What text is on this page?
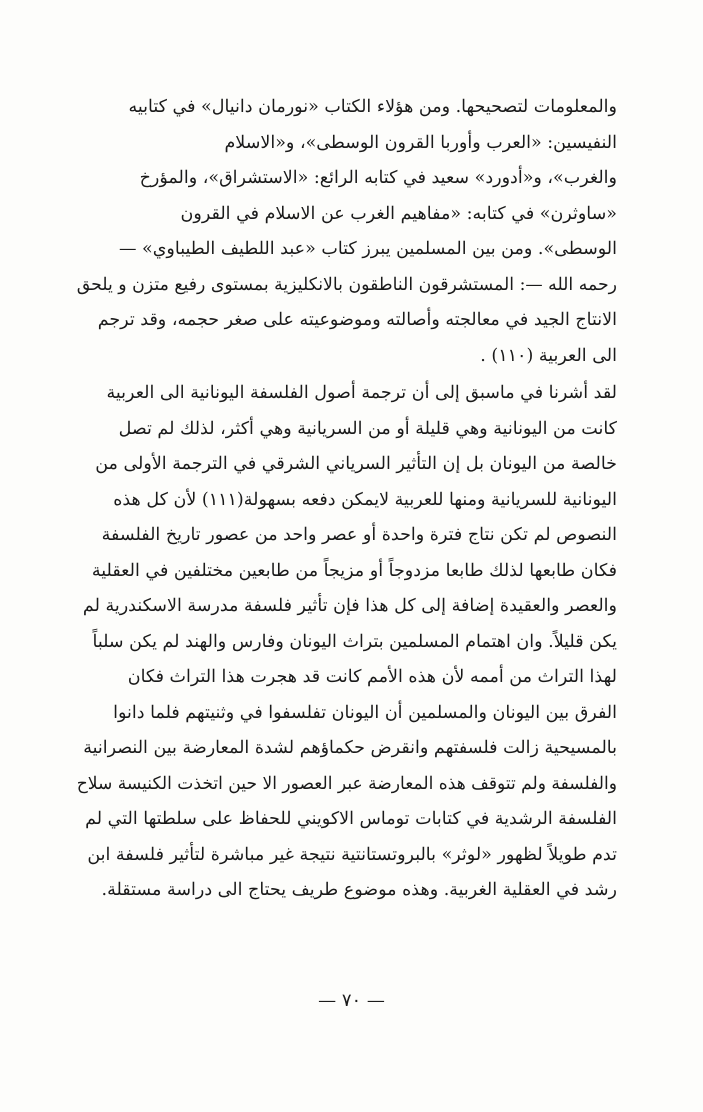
والمعلومات لتصحيحها. ومن هؤلاء الكتاب «نورمان دانيال» في كتابيه
النفيسين: «العرب وأوربا القرون الوسطى»، و«الاسلام
والغرب»، و«أدورد» سعيد في كتابه الرائع: «الاستشراق»، والمؤرخ
«ساوثرن» في كتابه: «مفاهيم الغرب عن الاسلام في القرون
الوسطى». ومن بين المسلمين يبرز كتاب «عبد اللطيف الطيباوي» —
رحمه الله —: المستشرقون الناطقون بالانكليزية بمستوى رفيع متزن و يلحق
الانتاج الجيد في معالجته وأصالته وموضوعيته على صغر حجمه، وقد ترجم
الى العربية (١١٠) .
لقد أشرنا في ماسبق إلى أن ترجمة أصول الفلسفة اليونانية الى العربية
كانت من اليونانية وهي قليلة أو من السريانية وهي أكثر، لذلك لم تصل
خالصة من اليونان بل إن التأثير السرياني الشرقي في الترجمة الأولى من
اليونانية للسريانية ومنها للعربية لايمكن دفعه بسهولة(١١١) لأن كل هذه
النصوص لم تكن نتاج فترة واحدة أو عصر واحد من عصور تاريخ الفلسفة
فكان طابعها لذلك طابعا مزدوجاً أو مزيجاً من طابعين مختلفين في العقلية
والعصر والعقيدة إضافة إلى كل هذا فإن تأثير فلسفة مدرسة الاسكندرية لم
يكن قليلاً. وان اهتمام المسلمين بتراث اليونان وفارس والهند لم يكن سلباً
لهذا التراث من أممه لأن هذه الأمم كانت قد هجرت هذا التراث فكان
الفرق بين اليونان والمسلمين أن اليونان تفلسفوا في وثنيتهم فلما دانوا
بالمسيحية زالت فلسفتهم وانقرض حكماؤهم لشدة المعارضة بين النصرانية
والفلسفة ولم تتوقف هذه المعارضة عبر العصور الا حين اتخذت الكنيسة سلاح
الفلسفة الرشدية في كتابات توماس الاكويني للحفاظ على سلطتها التي لم
تدم طويلاً لظهور «لوثر» بالبروتستانتية نتيجة غير مباشرة لتأثير فلسفة ابن
رشد في العقلية الغربية. وهذه موضوع طريف يحتاج الى دراسة مستقلة.
— ٧٠ —
